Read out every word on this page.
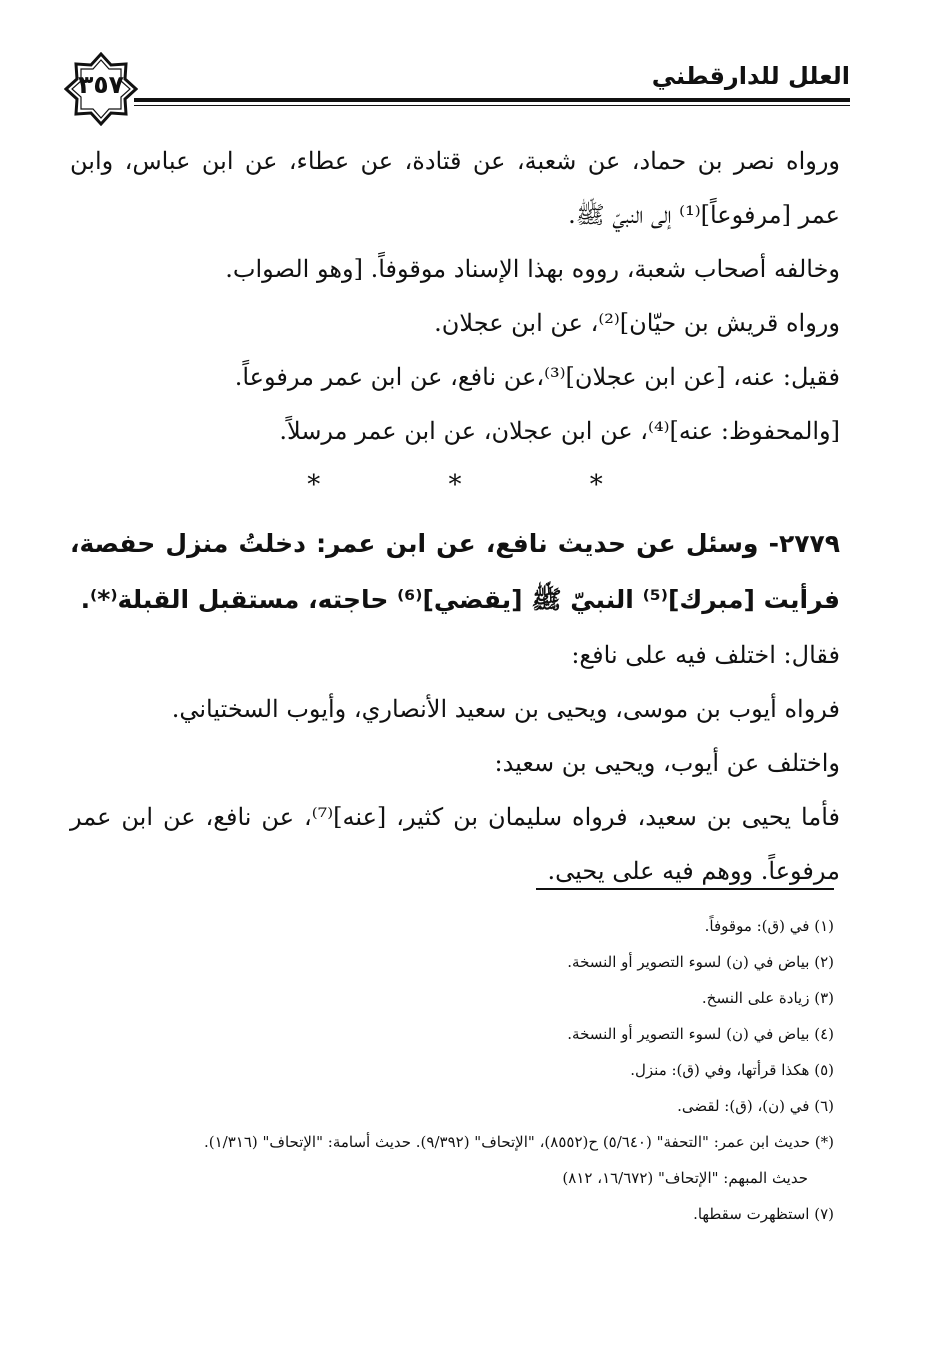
٣٥٧	العلل للدارقطني

ورواه نصر بن حماد، عن شعبة، عن قتادة، عن عطاء، عن ابن عباس، وابن عمر [مرفوعاً]⁽¹⁾ إلى النبيّ ﷺ.

وخالفه أصحاب شعبة، رووه بهذا الإسناد موقوفاً. [وهو الصواب.

ورواه قريش بن حيّان]⁽²⁾، عن ابن عجلان.

فقيل: عنه، [عن ابن عجلان]⁽³⁾،عن نافع، عن ابن عمر مرفوعاً.

[والمحفوظ: عنه]⁽⁴⁾، عن ابن عجلان، عن ابن عمر مرسلاً.

* * *

٢٧٧٩- وسئل عن حديث نافع، عن ابن عمر: دخلتُ منزل حفصة، فرأيت [مبرك]⁽⁵⁾ النبيّ ﷺ [يقضي]⁽⁶⁾ حاجته، مستقبل القبلة⁽*⁾.

فقال: اختلف فيه على نافع:

فرواه أيوب بن موسى، ويحيى بن سعيد الأنصاري، وأيوب السختياني.

واختلف عن أيوب، ويحيى بن سعيد:

فأما يحيى بن سعيد، فرواه سليمان بن كثير، [عنه]⁽⁷⁾، عن نافع، عن ابن عمر مرفوعاً. ووهم فيه على يحيى.

(١) في (ق): موقوفاً.

(٢) بياض في (ن) لسوء التصوير أو النسخة.

(٣) زيادة على النسخ.

(٤) بياض في (ن) لسوء التصوير أو النسخة.

(٥) هكذا قرأتها، وفي (ق): منزل.

(٦) في (ن)، (ق): لقضى.

(*) حديث ابن عمر: "التحفة" (٥/٦٤٠) ح(٨٥٥٢)، "الإتحاف" (٩/٣٩٢). حديث أسامة: "الإتحاف" (١/٣١٦).

حديث المبهم: "الإتحاف" (١٦/٦٧٢، ٨١٢)

(٧) استظهرت سقطها.
